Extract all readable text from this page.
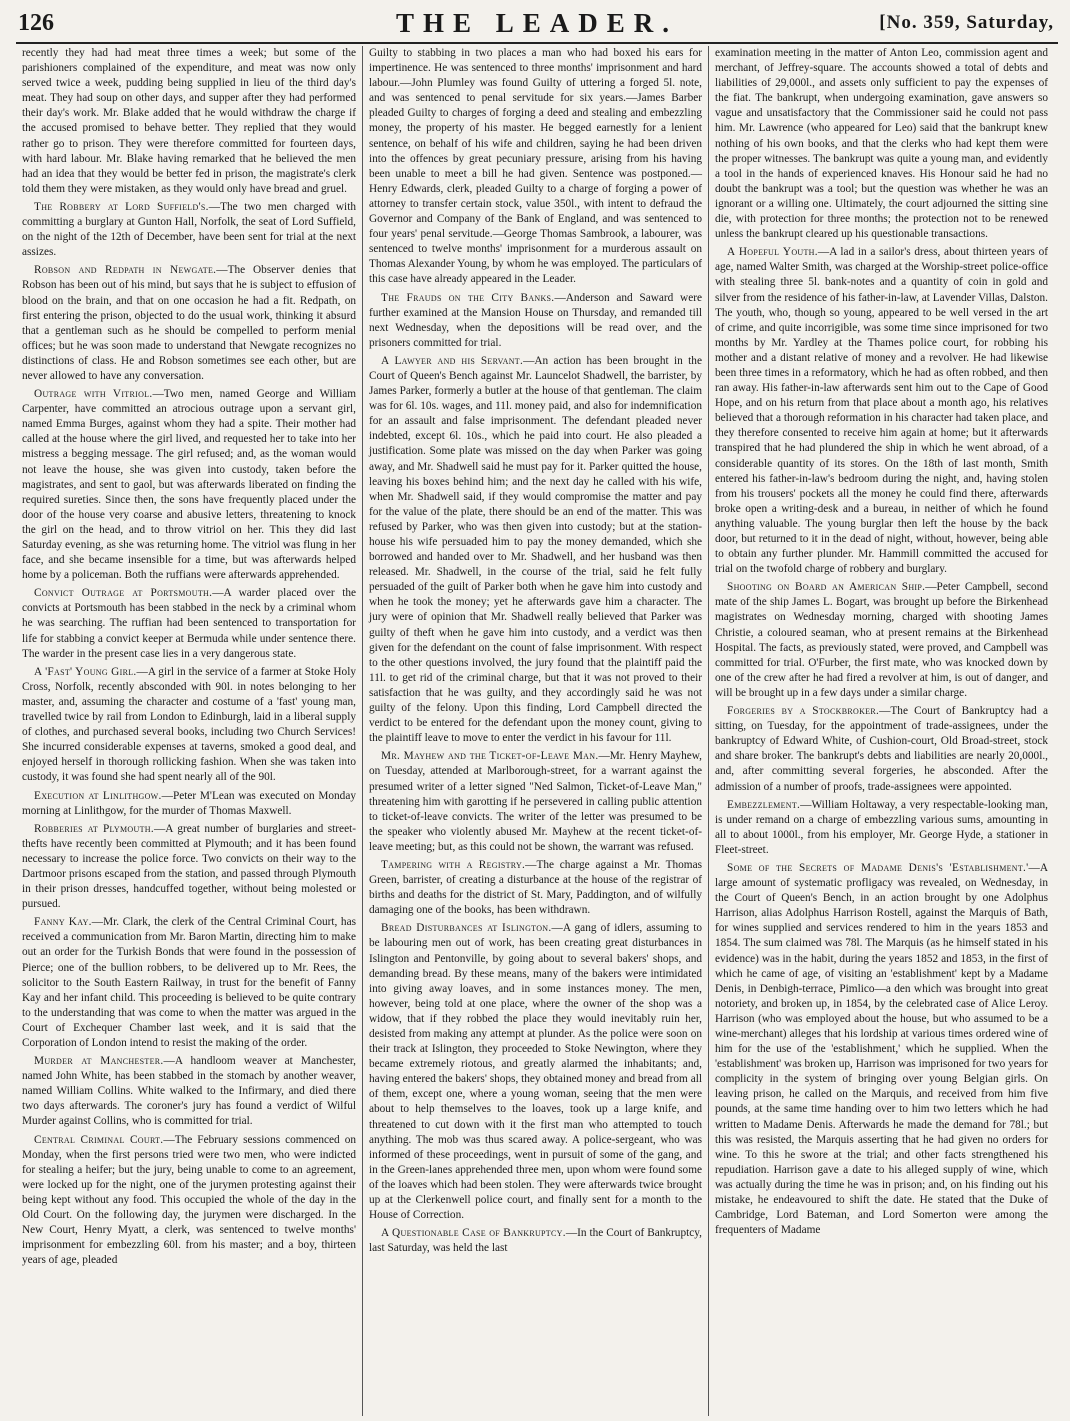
126	THE LEADER.	[No. 359, Saturday,

recently they had had meat three times a week; but some of the parishioners complained of the expenditure, and meat was now only served twice a week, pudding being supplied in lieu of the third day's meat. They had soup on other days, and supper after they had performed their day's work. Mr. Blake added that he would withdraw the charge if the accused promised to behave better. They replied that they would rather go to prison. They were therefore committed for fourteen days, with hard labour. Mr. Blake having remarked that he believed the men had an idea that they would be better fed in prison, the magistrate's clerk told them they were mistaken, as they would only have bread and gruel.

The Robbery at Lord Suffield's.—The two men charged with committing a burglary at Gunton Hall, Norfolk, the seat of Lord Suffield, on the night of the 12th of December, have been sent for trial at the next assizes.

Robson and Redpath in Newgate.—The Observer denies that Robson has been out of his mind, but says that he is subject to effusion of blood on the brain, and that on one occasion he had a fit. Redpath, on first entering the prison, objected to do the usual work, thinking it absurd that a gentleman such as he should be compelled to perform menial offices; but he was soon made to understand that Newgate recognizes no distinctions of class. He and Robson sometimes see each other, but are never allowed to have any conversation.

Outrage with Vitriol.—Two men, named George and William Carpenter, have committed an atrocious outrage upon a servant girl, named Emma Burges, against whom they had a spite. Their mother had called at the house where the girl lived, and requested her to take into her mistress a begging message. The girl refused; and, as the woman would not leave the house, she was given into custody, taken before the magistrates, and sent to gaol, but was afterwards liberated on finding the required sureties. Since then, the sons have frequently placed under the door of the house very coarse and abusive letters, threatening to knock the girl on the head, and to throw vitriol on her. This they did last Saturday evening, as she was returning home. The vitriol was flung in her face, and she became insensible for a time, but was afterwards helped home by a policeman. Both the ruffians were afterwards apprehended.

Convict Outrage at Portsmouth.—A warder placed over the convicts at Portsmouth has been stabbed in the neck by a criminal whom he was searching. The ruffian had been sentenced to transportation for life for stabbing a convict keeper at Bermuda while under sentence there. The warder in the present case lies in a very dangerous state.

A 'Fast' Young Girl.—A girl in the service of a farmer at Stoke Holy Cross, Norfolk, recently absconded with 90l. in notes belonging to her master, and, assuming the character and costume of a 'fast' young man, travelled twice by rail from London to Edinburgh, laid in a liberal supply of clothes, and purchased several books, including two Church Services! She incurred considerable expenses at taverns, smoked a good deal, and enjoyed herself in thorough rollicking fashion. When she was taken into custody, it was found she had spent nearly all of the 90l.

Execution at Linlithgow.—Peter M'Lean was executed on Monday morning at Linlithgow, for the murder of Thomas Maxwell.

Robberies at Plymouth.—A great number of burglaries and street-thefts have recently been committed at Plymouth; and it has been found necessary to increase the police force. Two convicts on their way to the Dartmoor prisons escaped from the station, and passed through Plymouth in their prison dresses, handcuffed together, without being molested or pursued.

Fanny Kay.—Mr. Clark, the clerk of the Central Criminal Court, has received a communication from Mr. Baron Martin, directing him to make out an order for the Turkish Bonds that were found in the possession of Pierce; one of the bullion robbers, to be delivered up to Mr. Rees, the solicitor to the South Eastern Railway, in trust for the benefit of Fanny Kay and her infant child. This proceeding is believed to be quite contrary to the understanding that was come to when the matter was argued in the Court of Exchequer Chamber last week, and it is said that the Corporation of London intend to resist the making of the order.

Murder at Manchester.—A handloom weaver at Manchester, named John White, has been stabbed in the stomach by another weaver, named William Collins. White walked to the Infirmary, and died there two days afterwards. The coroner's jury has found a verdict of Wilful Murder against Collins, who is committed for trial.

Central Criminal Court.—The February sessions commenced on Monday, when the first persons tried were two men, who were indicted for stealing a heifer; but the jury, being unable to come to an agreement, were locked up for the night, one of the jurymen protesting against their being kept without any food. This occupied the whole of the day in the Old Court. On the following day, the jurymen were discharged. In the New Court, Henry Myatt, a clerk, was sentenced to twelve months' imprisonment for embezzling 60l. from his master; and a boy, thirteen years of age, pleaded

Guilty to stabbing in two places a man who had boxed his ears for impertinence. He was sentenced to three months' imprisonment and hard labour.—John Plumley was found Guilty of uttering a forged 5l. note, and was sentenced to penal servitude for six years.—James Barber pleaded Guilty to charges of forging a deed and stealing and embezzling money, the property of his master. He begged earnestly for a lenient sentence, on behalf of his wife and children, saying he had been driven into the offences by great pecuniary pressure, arising from his having been unable to meet a bill he had given. Sentence was postponed.—Henry Edwards, clerk, pleaded Guilty to a charge of forging a power of attorney to transfer certain stock, value 350l., with intent to defraud the Governor and Company of the Bank of England, and was sentenced to four years' penal servitude.—George Thomas Sambrook, a labourer, was sentenced to twelve months' imprisonment for a murderous assault on Thomas Alexander Young, by whom he was employed. The particulars of this case have already appeared in the Leader.

The Frauds on the City Banks.—Anderson and Saward were further examined at the Mansion House on Thursday, and remanded till next Wednesday, when the depositions will be read over, and the prisoners committed for trial.

A Lawyer and his Servant.—An action has been brought in the Court of Queen's Bench against Mr. Launcelot Shadwell, the barrister, by James Parker, formerly a butler at the house of that gentleman. The claim was for 6l. 10s. wages, and 11l. money paid, and also for indemnification for an assault and false imprisonment. The defendant pleaded never indebted, except 6l. 10s., which he paid into court. He also pleaded a justification. Some plate was missed on the day when Parker was going away, and Mr. Shadwell said he must pay for it. Parker quitted the house, leaving his boxes behind him; and the next day he called with his wife, when Mr. Shadwell said, if they would compromise the matter and pay for the value of the plate, there should be an end of the matter. This was refused by Parker, who was then given into custody; but at the station-house his wife persuaded him to pay the money demanded, which she borrowed and handed over to Mr. Shadwell, and her husband was then released. Mr. Shadwell, in the course of the trial, said he felt fully persuaded of the guilt of Parker both when he gave him into custody and when he took the money; yet he afterwards gave him a character. The jury were of opinion that Mr. Shadwell really believed that Parker was guilty of theft when he gave him into custody, and a verdict was then given for the defendant on the count of false imprisonment. With respect to the other questions involved, the jury found that the plaintiff paid the 11l. to get rid of the criminal charge, but that it was not proved to their satisfaction that he was guilty, and they accordingly said he was not guilty of the felony. Upon this finding, Lord Campbell directed the verdict to be entered for the defendant upon the money count, giving to the plaintiff leave to move to enter the verdict in his favour for 11l.

Mr. Mayhew and the Ticket-of-Leave Man.—Mr. Henry Mayhew, on Tuesday, attended at Marlborough-street, for a warrant against the presumed writer of a letter signed "Ned Salmon, Ticket-of-Leave Man," threatening him with garotting if he persevered in calling public attention to ticket-of-leave convicts. The writer of the letter was presumed to be the speaker who violently abused Mr. Mayhew at the recent ticket-of-leave meeting; but, as this could not be shown, the warrant was refused.

Tampering with a Registry.—The charge against a Mr. Thomas Green, barrister, of creating a disturbance at the house of the registrar of births and deaths for the district of St. Mary, Paddington, and of wilfully damaging one of the books, has been withdrawn.

Bread Disturbances at Islington.—A gang of idlers, assuming to be labouring men out of work, has been creating great disturbances in Islington and Pentonville, by going about to several bakers' shops, and demanding bread. By these means, many of the bakers were intimidated into giving away loaves, and in some instances money. The men, however, being told at one place, where the owner of the shop was a widow, that if they robbed the place they would inevitably ruin her, desisted from making any attempt at plunder. As the police were soon on their track at Islington, they proceeded to Stoke Newington, where they became extremely riotous, and greatly alarmed the inhabitants; and, having entered the bakers' shops, they obtained money and bread from all of them, except one, where a young woman, seeing that the men were about to help themselves to the loaves, took up a large knife, and threatened to cut down with it the first man who attempted to touch anything. The mob was thus scared away. A police-sergeant, who was informed of these proceedings, went in pursuit of some of the gang, and in the Green-lanes apprehended three men, upon whom were found some of the loaves which had been stolen. They were afterwards twice brought up at the Clerkenwell police court, and finally sent for a month to the House of Correction.

A Questionable Case of Bankruptcy.—In the Court of Bankruptcy, last Saturday, was held the last

examination meeting in the matter of Anton Leo, commission agent and merchant, of Jeffrey-square. The accounts showed a total of debts and liabilities of 29,000l., and assets only sufficient to pay the expenses of the fiat. The bankrupt, when undergoing examination, gave answers so vague and unsatisfactory that the Commissioner said he could not pass him. Mr. Lawrence (who appeared for Leo) said that the bankrupt knew nothing of his own books, and that the clerks who had kept them were the proper witnesses. The bankrupt was quite a young man, and evidently a tool in the hands of experienced knaves. His Honour said he had no doubt the bankrupt was a tool; but the question was whether he was an ignorant or a willing one. Ultimately, the court adjourned the sitting sine die, with protection for three months; the protection not to be renewed unless the bankrupt cleared up his questionable transactions.

A Hopeful Youth.—A lad in a sailor's dress, about thirteen years of age, named Walter Smith, was charged at the Worship-street police-office with stealing three 5l. bank-notes and a quantity of coin in gold and silver from the residence of his father-in-law, at Lavender Villas, Dalston. The youth, who, though so young, appeared to be well versed in the art of crime, and quite incorrigible, was some time since imprisoned for two months by Mr. Yardley at the Thames police court, for robbing his mother and a distant relative of money and a revolver. He had likewise been three times in a reformatory, which he had as often robbed, and then ran away. His father-in-law afterwards sent him out to the Cape of Good Hope, and on his return from that place about a month ago, his relatives believed that a thorough reformation in his character had taken place, and they therefore consented to receive him again at home; but it afterwards transpired that he had plundered the ship in which he went abroad, of a considerable quantity of its stores. On the 18th of last month, Smith entered his father-in-law's bedroom during the night, and, having stolen from his trousers' pockets all the money he could find there, afterwards broke open a writing-desk and a bureau, in neither of which he found anything valuable. The young burglar then left the house by the back door, but returned to it in the dead of night, without, however, being able to obtain any further plunder. Mr. Hammill committed the accused for trial on the twofold charge of robbery and burglary.

Shooting on Board an American Ship.—Peter Campbell, second mate of the ship James L. Bogart, was brought up before the Birkenhead magistrates on Wednesday morning, charged with shooting James Christie, a coloured seaman, who at present remains at the Birkenhead Hospital. The facts, as previously stated, were proved, and Campbell was committed for trial. O'Furber, the first mate, who was knocked down by one of the crew after he had fired a revolver at him, is out of danger, and will be brought up in a few days under a similar charge.

Forgeries by a Stockbroker.—The Court of Bankruptcy had a sitting, on Tuesday, for the appointment of trade-assignees, under the bankruptcy of Edward White, of Cushion-court, Old Broad-street, stock and share broker. The bankrupt's debts and liabilities are nearly 20,000l., and, after committing several forgeries, he absconded. After the admission of a number of proofs, trade-assignees were appointed.

Embezzlement.—William Holtaway, a very respectable-looking man, is under remand on a charge of embezzling various sums, amounting in all to about 1000l., from his employer, Mr. George Hyde, a stationer in Fleet-street.

Some of the Secrets of Madame Denis's 'Establishment.'—A large amount of systematic profligacy was revealed, on Wednesday, in the Court of Queen's Bench, in an action brought by one Adolphus Harrison, alias Adolphus Harrison Rostell, against the Marquis of Bath, for wines supplied and services rendered to him in the years 1853 and 1854. The sum claimed was 78l. The Marquis (as he himself stated in his evidence) was in the habit, during the years 1852 and 1853, in the first of which he came of age, of visiting an 'establishment' kept by a Madame Denis, in Denbigh-terrace, Pimlico—a den which was brought into great notoriety, and broken up, in 1854, by the celebrated case of Alice Leroy. Harrison (who was employed about the house, but who assumed to be a wine-merchant) alleges that his lordship at various times ordered wine of him for the use of the 'establishment,' which he supplied. When the 'establishment' was broken up, Harrison was imprisoned for two years for complicity in the system of bringing over young Belgian girls. On leaving prison, he called on the Marquis, and received from him five pounds, at the same time handing over to him two letters which he had written to Madame Denis. Afterwards he made the demand for 78l.; but this was resisted, the Marquis asserting that he had given no orders for wine. To this he swore at the trial; and other facts strengthened his repudiation. Harrison gave a date to his alleged supply of wine, which was actually during the time he was in prison; and, on his finding out his mistake, he endeavoured to shift the date. He stated that the Duke of Cambridge, Lord Bateman, and Lord Somerton were among the frequenters of Madame
